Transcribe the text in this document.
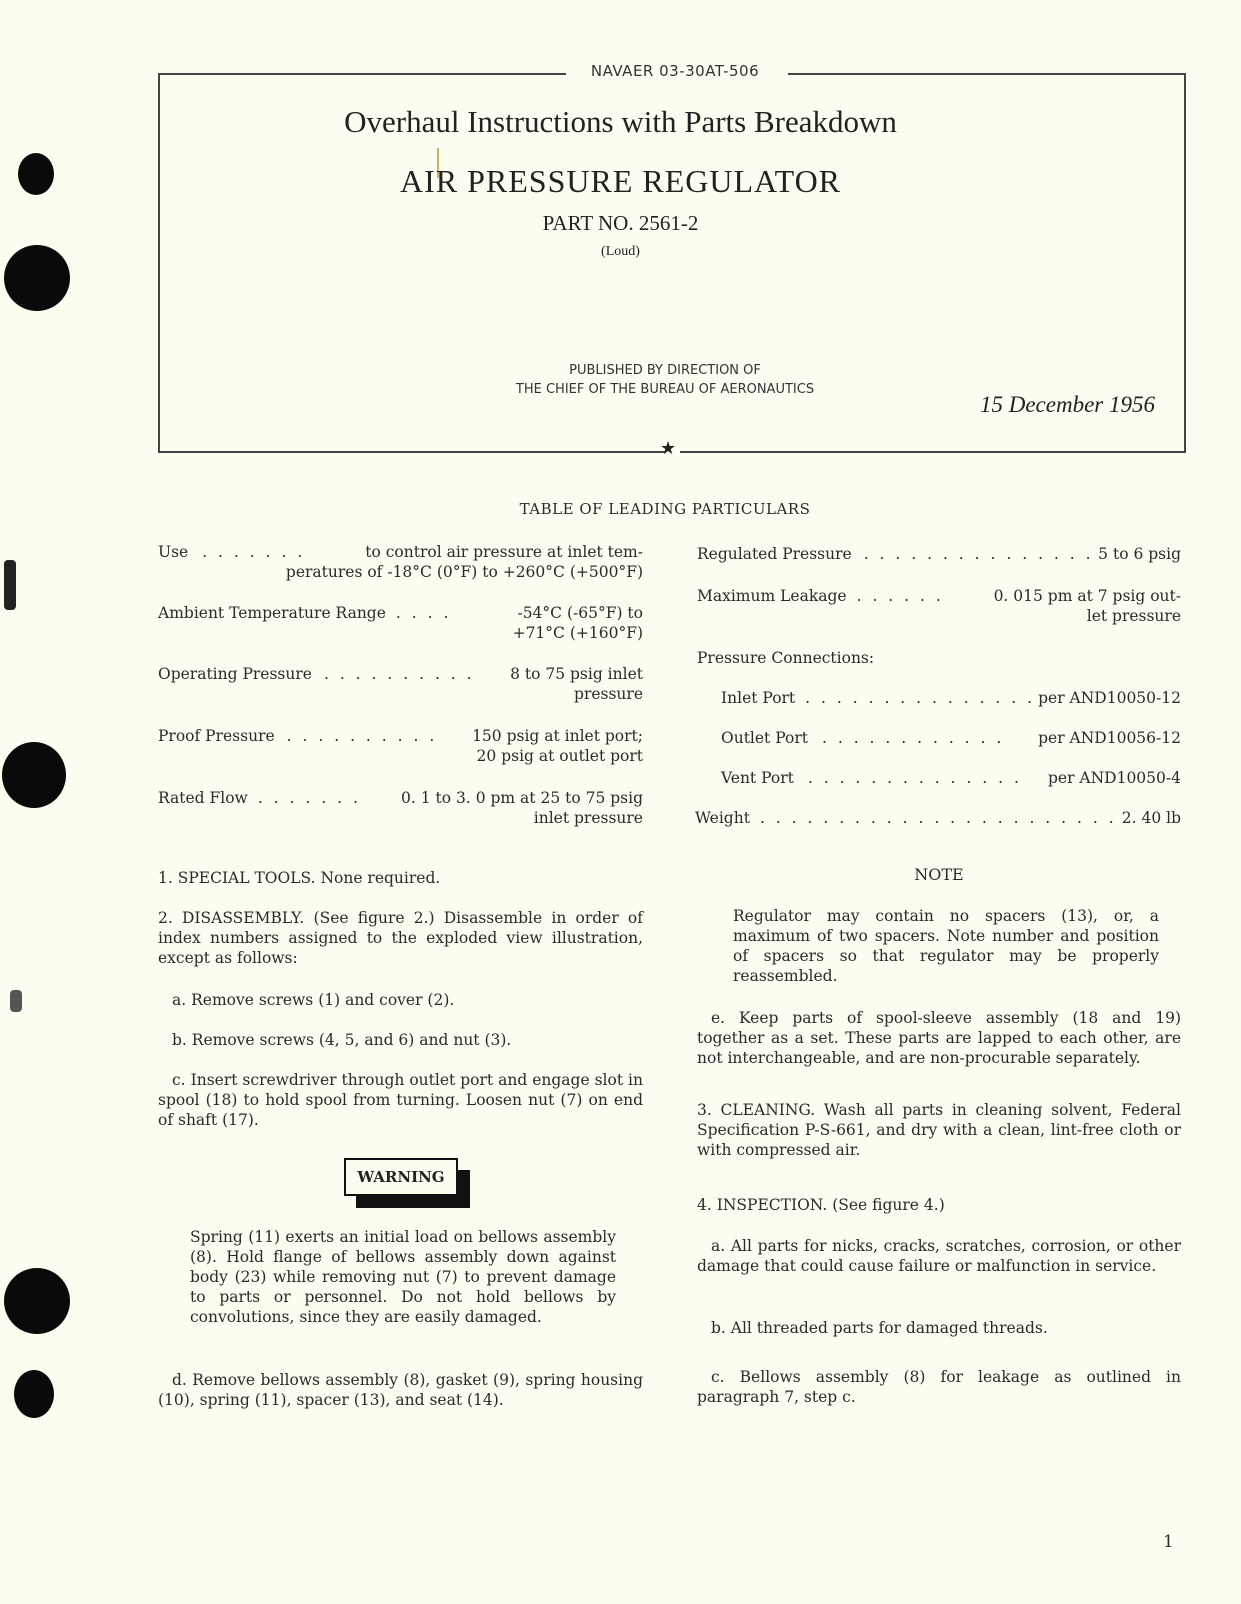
NAVAER 03-30AT-506
Overhaul Instructions with Parts Breakdown
AIR PRESSURE REGULATOR
PART NO. 2561-2
(Loud)
PUBLISHED BY DIRECTION OF
THE CHIEF OF THE BUREAU OF AERONAUTICS
15 December 1956
★
TABLE OF LEADING PARTICULARS
Use . . . . . . .	to control air pressure at inlet tem-
peratures of -18°C (0°F) to +260°C (+500°F)
Ambient Temperature Range . . . .	-54°C (-65°F) to
+71°C (+160°F)
Operating Pressure . . . . . . . . . . 8 to 75 psig inlet
pressure
Proof Pressure . . . . . . . . . . 150 psig at inlet port;
20 psig at outlet port
Rated Flow . . . . . . .	0. 1 to 3. 0 pm at 25 to 75 psig
inlet pressure
Regulated Pressure . . . . . . . . . . . . . . . 5 to 6 psig
Maximum Leakage . . . . . .	0. 015 pm at 7 psig out-
let pressure
Pressure Connections:
Inlet Port . . . . . . . . . . . . . . . per AND10050-12
Outlet Port . . . . . . . . . . . . per AND10056-12
Vent Port . . . . . . . . . . . . . . per AND10050-4
Weight . . . . . . . . . . . . . . . . . . . . . . . 2. 40 lb
1. SPECIAL TOOLS. None required.
2. DISASSEMBLY. (See figure 2.) Disassemble in order of index numbers assigned to the exploded view illustration, except as follows:
a. Remove screws (1) and cover (2).
b. Remove screws (4, 5, and 6) and nut (3).
c. Insert screwdriver through outlet port and engage slot in spool (18) to hold spool from turning. Loosen nut (7) on end of shaft (17).
Spring (11) exerts an initial load on bellows assembly (8). Hold flange of bellows assembly down against body (23) while removing nut (7) to prevent damage to parts or personnel. Do not hold bellows by convolutions, since they are easily damaged.
d. Remove bellows assembly (8), gasket (9), spring housing (10), spring (11), spacer (13), and seat (14).
WARNING
NOTE
Regulator may contain no spacers (13), or, a maximum of two spacers. Note number and position of spacers so that regulator may be properly reassembled.
e. Keep parts of spool-sleeve assembly (18 and 19) together as a set. These parts are lapped to each other, are not interchangeable, and are non-procurable separately.
3. CLEANING. Wash all parts in cleaning solvent, Federal Specification P-S-661, and dry with a clean, lint-free cloth or with compressed air.
4. INSPECTION. (See figure 4.)
a. All parts for nicks, cracks, scratches, corrosion, or other damage that could cause failure or malfunction in service.
b. All threaded parts for damaged threads.
c. Bellows assembly (8) for leakage as outlined in paragraph 7, step c.
1
